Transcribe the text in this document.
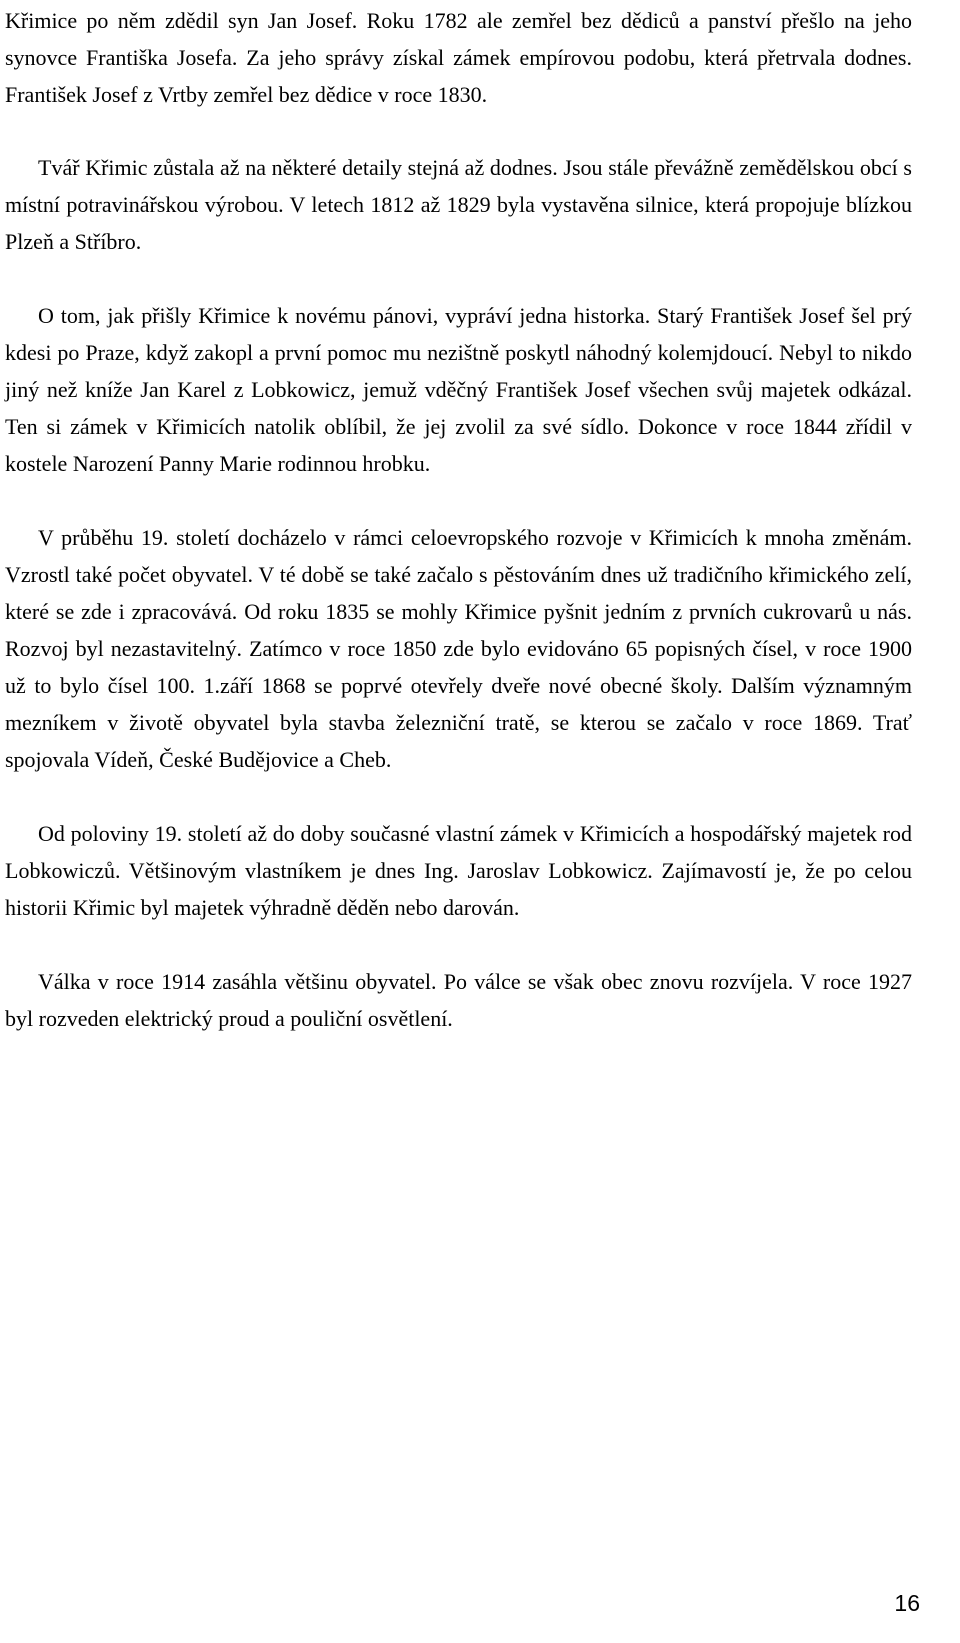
Křimice po něm zdědil syn Jan Josef. Roku 1782 ale zemřel bez dědiců a panství přešlo na jeho synovce Františka Josefa. Za jeho správy získal zámek empírovou podobu, která přetrvala dodnes. František Josef z Vrtby zemřel bez dědice v roce 1830.

Tvář Křimic zůstala až na některé detaily stejná až dodnes. Jsou stále převážně zemědělskou obcí s místní potravinářskou výrobou. V letech 1812 až 1829 byla vystavěna silnice, která propojuje blízkou Plzeň a Stříbro.

O tom, jak přišly Křimice k novému pánovi, vypráví jedna historka. Starý František Josef šel prý kdesi po Praze, když zakopl a první pomoc mu nezištně poskytl náhodný kolemjdoucí. Nebyl to nikdo jiný než kníže Jan Karel z Lobkowicz, jemuž vděčný František Josef všechen svůj majetek odkázal. Ten si zámek v Křimicích natolik oblíbil, že jej zvolil za své sídlo. Dokonce v roce 1844 zřídil v kostele Narození Panny Marie rodinnou hrobku.

V průběhu 19. století docházelo v rámci celoevropského rozvoje v Křimicích k mnoha změnám. Vzrostl také počet obyvatel. V té době se také začalo s pěstováním dnes už tradičního křimického zelí, které se zde i zpracovává. Od roku 1835 se mohly Křimice pyšnit jedním z prvních cukrovarů u nás. Rozvoj byl nezastavitelný. Zatímco v roce 1850 zde bylo evidováno 65 popisných čísel, v roce 1900 už to bylo čísel 100. 1.září 1868 se poprvé otevřely dveře nové obecné školy. Dalším významným mezníkem v životě obyvatel byla stavba železniční tratě, se kterou se začalo v roce 1869. Trať spojovala Vídeň, České Budějovice a Cheb.

Od poloviny 19. století až do doby současné vlastní zámek v Křimicích a hospodářský majetek rod Lobkowiczů. Většinovým vlastníkem je dnes Ing. Jaroslav Lobkowicz. Zajímavostí je, že po celou historii Křimic byl majetek výhradně děděn nebo darován.

Válka v roce 1914 zasáhla většinu obyvatel. Po válce se však obec znovu rozvíjela. V roce 1927 byl rozveden elektrický proud a pouliční osvětlení.

16
